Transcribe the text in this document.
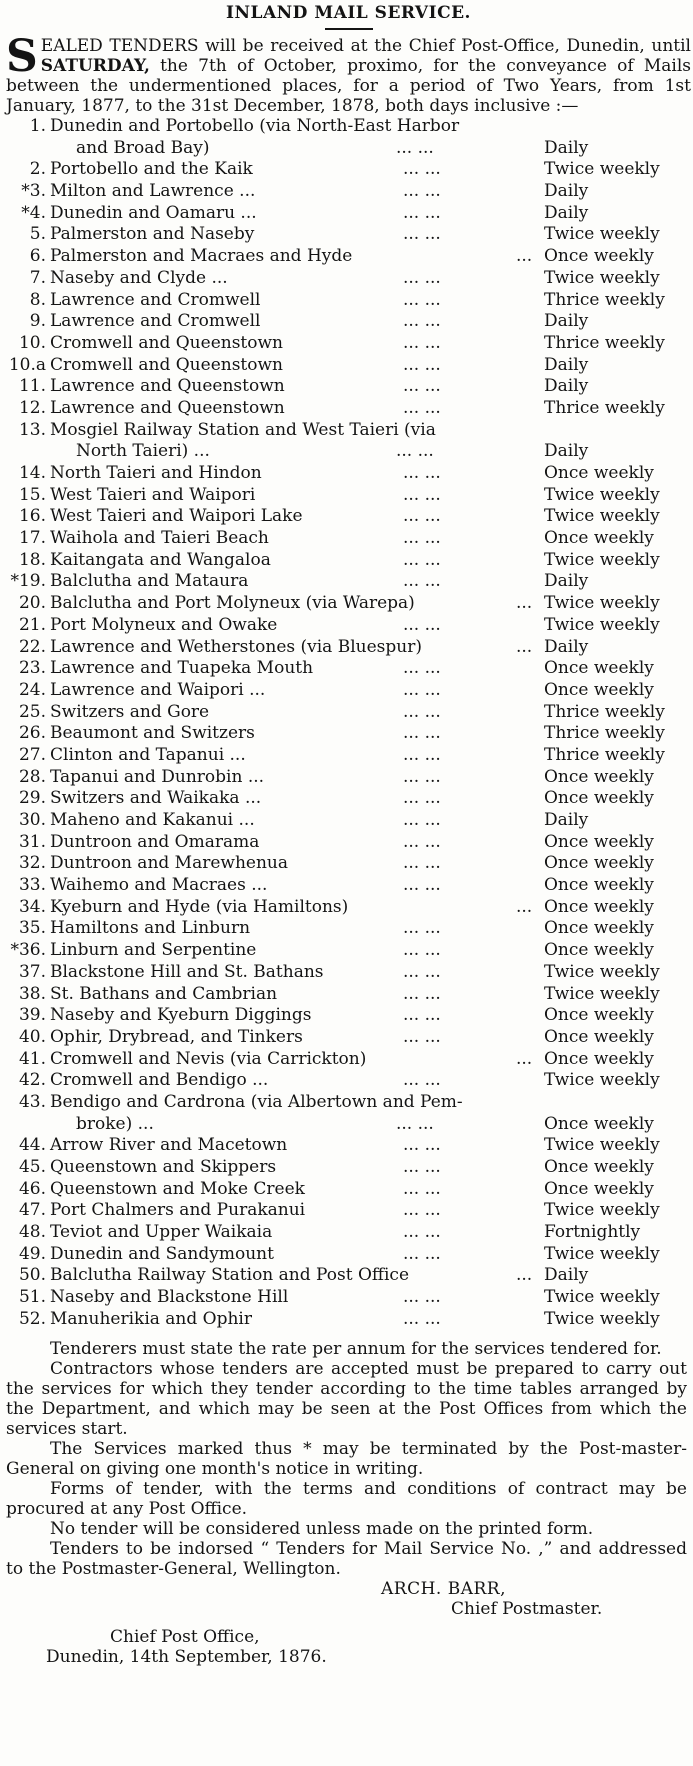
INLAND MAIL SERVICE.
SEALED TENDERS will be received at the Chief Post-Office, Dunedin, until SATURDAY, the 7th of October, proximo, for the conveyance of Mails between the undermentioned places, for a period of Two Years, from 1st January, 1877, to the 31st December, 1878, both days inclusive :—
1. Dunedin and Portobello (via North-East Harbor
and Broad Bay)	... ...	Daily
2. Portobello and the Kaik	... ...	Twice weekly
*3. Milton and Lawrence ...	... ...	Daily
*4. Dunedin and Oamaru ...	... ...	Daily
5. Palmerston and Naseby	... ...	Twice weekly
6. Palmerston and Macraes and Hyde	... Once weekly
7. Naseby and Clyde ...	... ...	Twice weekly
8. Lawrence and Cromwell	... ...	Thrice weekly
9. Lawrence and Cromwell	... ...	Daily
10. Cromwell and Queenstown	... ...	Thrice weekly
10.a Cromwell and Queenstown	... ...	Daily
11. Lawrence and Queenstown	... ...	Daily
12. Lawrence and Queenstown	... ...	Thrice weekly
13. Mosgiel Railway Station and West Taieri (via
North Taieri) ...	... ...	Daily
14. North Taieri and Hindon	... ...	Once weekly
15. West Taieri and Waipori	... ...	Twice weekly
16. West Taieri and Waipori Lake	... ...	Twice weekly
17. Waihola and Taieri Beach	... ...	Once weekly
18. Kaitangata and Wangaloa	... ...	Twice weekly
*19. Balclutha and Mataura	... ...	Daily
20. Balclutha and Port Molyneux (via Warepa)	... Twice weekly
21. Port Molyneux and Owake	... ...	Twice weekly
22. Lawrence and Wetherstones (via Bluespur)	... Daily
23. Lawrence and Tuapeka Mouth	... ...	Once weekly
24. Lawrence and Waipori ...	... ...	Once weekly
25. Switzers and Gore	... ...	Thrice weekly
26. Beaumont and Switzers	... ...	Thrice weekly
27. Clinton and Tapanui ...	... ...	Thrice weekly
28. Tapanui and Dunrobin ...	... ...	Once weekly
29. Switzers and Waikaka ...	... ...	Once weekly
30. Maheno and Kakanui ...	... ...	Daily
31. Duntroon and Omarama	... ...	Once weekly
32. Duntroon and Marewhenua	... ...	Once weekly
33. Waihemo and Macraes ...	... ...	Once weekly
34. Kyeburn and Hyde (via Hamiltons)	... Once weekly
35. Hamiltons and Linburn	... ...	Once weekly
*36. Linburn and Serpentine	... ...	Once weekly
37. Blackstone Hill and St. Bathans	... ...	Twice weekly
38. St. Bathans and Cambrian	... ...	Twice weekly
39. Naseby and Kyeburn Diggings	... ...	Once weekly
40. Ophir, Drybread, and Tinkers	... ...	Once weekly
41. Cromwell and Nevis (via Carrickton)	... Once weekly
42. Cromwell and Bendigo ...	... ...	Twice weekly
43. Bendigo and Cardrona (via Albertown and Pem-
broke) ...	... ...	Once weekly
44. Arrow River and Macetown	... ...	Twice weekly
45. Queenstown and Skippers	... ...	Once weekly
46. Queenstown and Moke Creek	... ...	Once weekly
47. Port Chalmers and Purakanui	... ...	Twice weekly
48. Teviot and Upper Waikaia	... ...	Fortnightly
49. Dunedin and Sandymount	... ...	Twice weekly
50. Balclutha Railway Station and Post Office	... Daily
51. Naseby and Blackstone Hill	... ...	Twice weekly
52. Manuherikia and Ophir	... ...	Twice weekly

Tenderers must state the rate per annum for the services tendered for.

Contractors whose tenders are accepted must be prepared to carry out the services for which they tender according to the time tables arranged by the Department, and which may be seen at the Post Offices from which the services start.

The Services marked thus * may be terminated by the Post-master-General on giving one month's notice in writing.

Forms of tender, with the terms and conditions of contract may be procured at any Post Office.

No tender will be considered unless made on the printed form.

Tenders to be indorsed “ Tenders for Mail Service No. ,” and addressed to the Postmaster-General, Wellington.

ARCH. BARR,
Chief Postmaster.
Chief Post Office,
Dunedin, 14th September, 1876.
